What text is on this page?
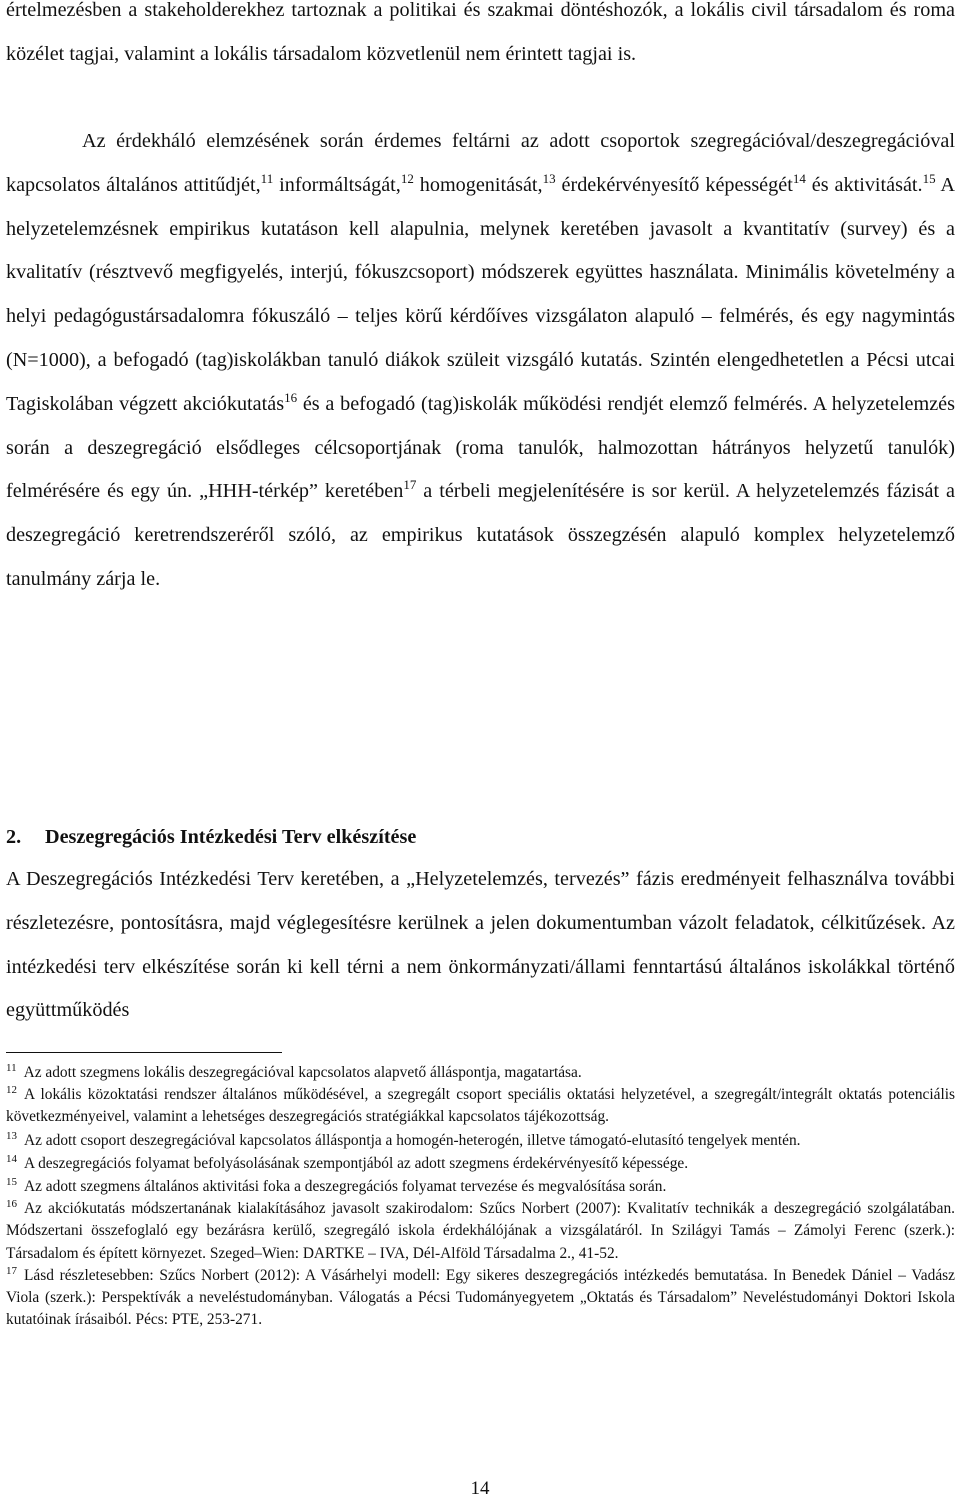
értelmezésben a stakeholderekhez tartoznak a politikai és szakmai döntéshozók, a lokális civil társadalom és roma közélet tagjai, valamint a lokális társadalom közvetlenül nem érintett tagjai is.

Az érdekháló elemzésének során érdemes feltárni az adott csoportok szegregációval/deszegregációval kapcsolatos általános attitűdjét,$^{11}$ informáltságát,$^{12}$ homogenitását,$^{13}$ érdekérvényesítő képességét$^{14}$ és aktivitását.$^{15}$ A helyzetelemzésnek empirikus kutatáson kell alapulnia, melynek keretében javasolt a kvantitatív (survey) és a kvalitatív (résztvevő megfigyelés, interjú, fókuszcsoport) módszerek együttes használata. Minimális követelmény a helyi pedagógustársadalomra fókuszáló – teljes körű kérdőíves vizsgálaton alapuló – felmérés, és egy nagymintás (N=1000), a befogadó (tag)iskolákban tanuló diákok szüleit vizsgáló kutatás. Szintén elengedhetetlen a Pécsi utcai Tagiskolában végzett akciókutatás$^{16}$ és a befogadó (tag)iskolák működési rendjét elemző felmérés. A helyzetelemzés során a deszegregáció elsődleges célcsoportjának (roma tanulók, halmozottan hátrányos helyzetű tanulók) felmérésére és egy ún. „HHH-térkép” keretében$^{17}$ a térbeli megjelenítésére is sor kerül. A helyzetelemzés fázisát a deszegregáció keretrendszeréről szóló, az empirikus kutatások összegzésén alapuló komplex helyzetelemző tanulmány zárja le.

2. Deszegregációs Intézkedési Terv elkészítése

A Deszegregációs Intézkedési Terv keretében, a „Helyzetelemzés, tervezés” fázis eredményeit felhasználva további részletezésre, pontosításra, majd véglegesítésre kerülnek a jelen dokumentumban vázolt feladatok, célkitűzések. Az intézkedési terv elkészítése során ki kell térni a nem önkormányzati/állami fenntartású általános iskolákkal történő együttműködés

$^{11}$ Az adott szegmens lokális deszegregációval kapcsolatos alapvető álláspontja, magatartása.

$^{12}$ A lokális közoktatási rendszer általános működésével, a szegregált csoport speciális oktatási helyzetével, a szegregált/integrált oktatás potenciális következményeivel, valamint a lehetséges deszegregációs stratégiákkal kapcsolatos tájékozottság.

$^{13}$ Az adott csoport deszegregációval kapcsolatos álláspontja a homogén-heterogén, illetve támogató-elutasító tengelyek mentén.

$^{14}$ A deszegregációs folyamat befolyásolásának szempontjából az adott szegmens érdekérvényesítő képessége.

$^{15}$ Az adott szegmens általános aktivitási foka a deszegregációs folyamat tervezése és megvalósítása során.

$^{16}$ Az akciókutatás módszertanának kialakításához javasolt szakirodalom: Szűcs Norbert (2007): Kvalitatív technikák a deszegregáció szolgálatában. Módszertani összefoglaló egy bezárásra kerülő, szegregáló iskola érdekhálójának a vizsgálatáról. In Szilágyi Tamás – Zámolyi Ferenc (szerk.): Társadalom és épített környezet. Szeged–Wien: DARTKE – IVA, Dél-Alföld Társadalma 2., 41-52.

$^{17}$ Lásd részletesebben: Szűcs Norbert (2012): A Vásárhelyi modell: Egy sikeres deszegregációs intézkedés bemutatása. In Benedek Dániel – Vadász Viola (szerk.): Perspektívák a neveléstudományban. Válogatás a Pécsi Tudományegyetem „Oktatás és Társadalom” Neveléstudományi Doktori Iskola kutatóinak írásaiból. Pécs: PTE, 253-271.

14
